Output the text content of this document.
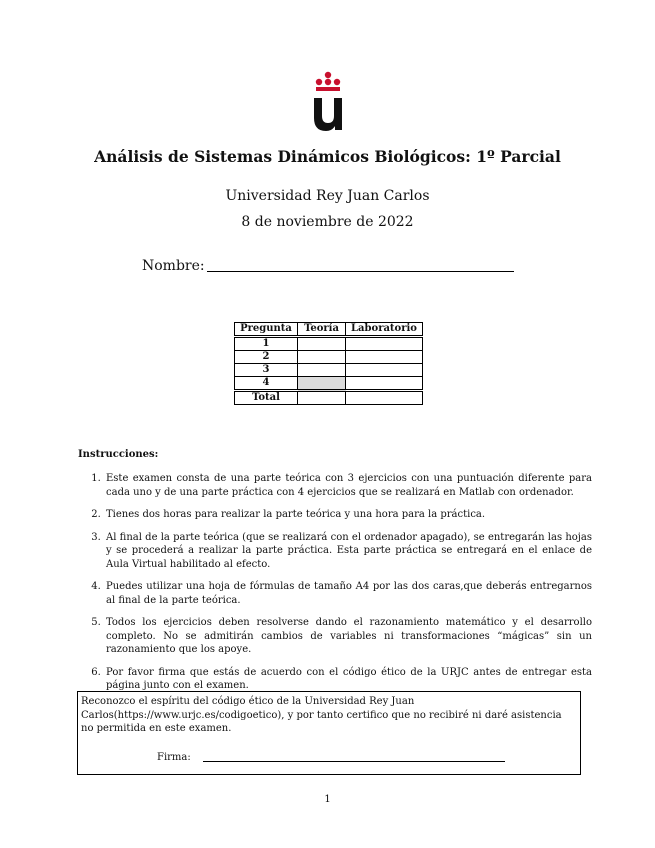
Análisis de Sistemas Dinámicos Biológicos: 1º Parcial
Universidad Rey Juan Carlos
8 de noviembre de 2022
Nombre:
Pregunta	Teoría	Laboratorio
1		
2		
3		
4		
Total		
Instrucciones:
1. Este examen consta de una parte teórica con 3 ejercicios con una puntuación diferente para cada uno y de una parte práctica con 4 ejercicios que se realizará en Matlab con ordenador.
2. Tienes dos horas para realizar la parte teórica y una hora para la práctica.
3. Al final de la parte teórica (que se realizará con el ordenador apagado), se entregarán las hojas y se procederá a realizar la parte práctica. Esta parte práctica se entregará en el enlace de Aula Virtual habilitado al efecto.
4. Puedes utilizar una hoja de fórmulas de tamaño A4 por las dos caras,que deberás entregarnos al final de la parte teórica.
5. Todos los ejercicios deben resolverse dando el razonamiento matemático y el desarrollo completo. No se admitirán cambios de variables ni transformaciones “mágicas” sin un razonamiento que los apoye.
6. Por favor firma que estás de acuerdo con el código ético de la URJC antes de entregar esta página junto con el examen.
Reconozco el espíritu del código ético de la Universidad Rey Juan Carlos(https://www.urjc.es/codigoetico), y por tanto certifico que no recibiré ni daré asistencia no permitida en este examen.
Firma:
1
